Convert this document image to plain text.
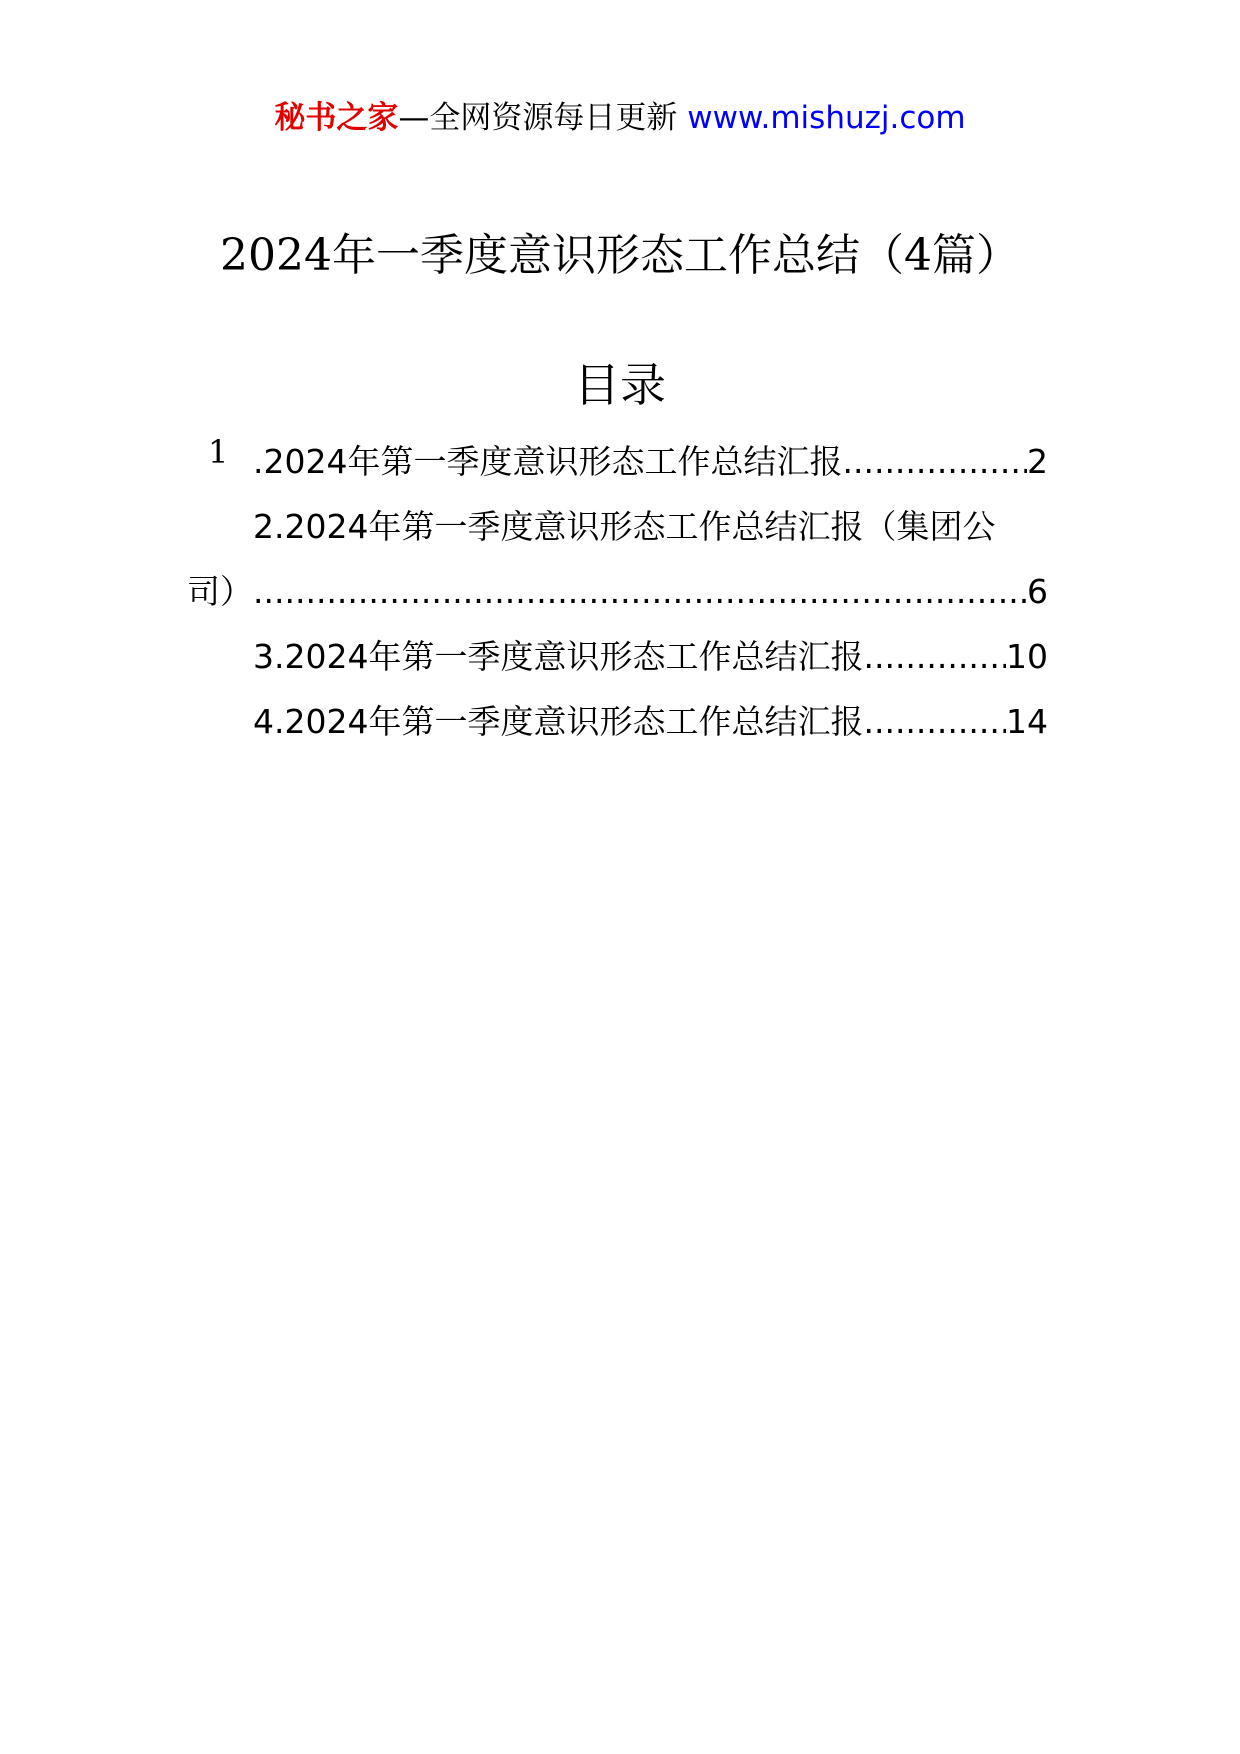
秘书之家—全网资源每日更新 www.mishuzj.com
2024年一季度意识形态工作总结（4篇）
目录
1 .2024年第一季度意识形态工作总结汇报 .....	2
2.2024年第一季度意识形态工作总结汇报（集团公
司） .....	6
3.2024年第一季度意识形态工作总结汇报 .....	10
4.2024年第一季度意识形态工作总结汇报 .....	14
